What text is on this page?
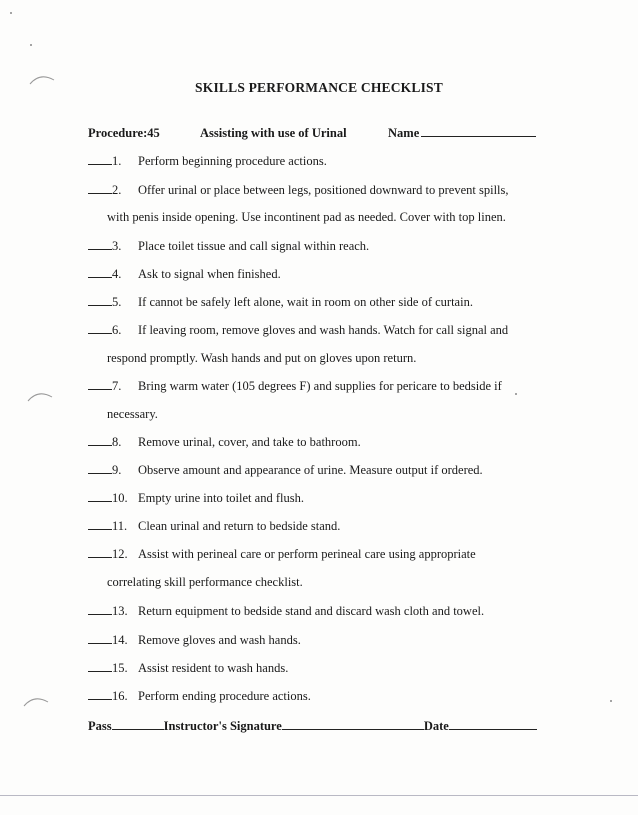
SKILLS PERFORMANCE CHECKLIST
Procedure:45	Assisting with use of Urinal	Name
1. Perform beginning procedure actions.
2. Offer urinal or place between legs, positioned downward to prevent spills,
with penis inside opening. Use incontinent pad as needed. Cover with top linen.
3. Place toilet tissue and call signal within reach.
4. Ask to signal when finished.
5. If cannot be safely left alone, wait in room on other side of curtain.
6. If leaving room, remove gloves and wash hands. Watch for call signal and
respond promptly. Wash hands and put on gloves upon return.
7. Bring warm water (105 degrees F) and supplies for pericare to bedside if
necessary.
8. Remove urinal, cover, and take to bathroom.
9. Observe amount and appearance of urine. Measure output if ordered.
10. Empty urine into toilet and flush.
11. Clean urinal and return to bedside stand.
12. Assist with perineal care or perform perineal care using appropriate
correlating skill performance checklist.
13. Return equipment to bedside stand and discard wash cloth and towel.
14. Remove gloves and wash hands.
15. Assist resident to wash hands.
16. Perform ending procedure actions.
Pass	Instructor's Signature	Date
